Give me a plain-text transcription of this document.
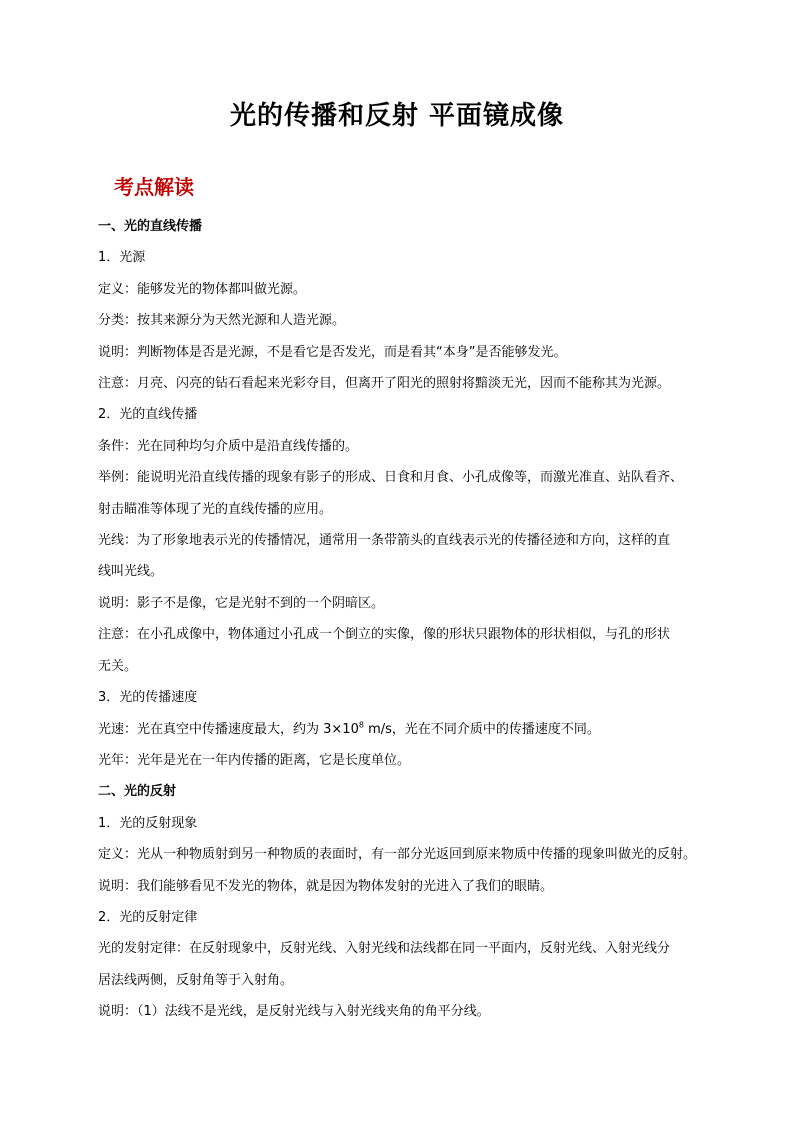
光的传播和反射 平面镜成像
考点解读
一、光的直线传播
1．光源
定义：能够发光的物体都叫做光源。
分类：按其来源分为天然光源和人造光源。
说明：判断物体是否是光源，不是看它是否发光，而是看其“本身”是否能够发光。
注意：月亮、闪亮的钻石看起来光彩夺目，但离开了阳光的照射将黯淡无光，因而不能称其为光源。
2．光的直线传播
条件：光在同种均匀介质中是沿直线传播的。
举例：能说明光沿直线传播的现象有影子的形成、日食和月食、小孔成像等，而激光准直、站队看齐、
射击瞄准等体现了光的直线传播的应用。
光线：为了形象地表示光的传播情况，通常用一条带箭头的直线表示光的传播径迹和方向，这样的直
线叫光线。
说明：影子不是像，它是光射不到的一个阴暗区。
注意：在小孔成像中，物体通过小孔成一个倒立的实像，像的形状只跟物体的形状相似，与孔的形状
无关。
3．光的传播速度
光速：光在真空中传播速度最大，约为 $3\times 10^8$ m/s，光在不同介质中的传播速度不同。
光年：光年是光在一年内传播的距离，它是长度单位。
二、光的反射
1．光的反射现象
定义：光从一种物质射到另一种物质的表面时，有一部分光返回到原来物质中传播的现象叫做光的反射。
说明：我们能够看见不发光的物体，就是因为物体发射的光进入了我们的眼睛。
2．光的反射定律
光的发射定律：在反射现象中，反射光线、入射光线和法线都在同一平面内，反射光线、入射光线分
居法线两侧，反射角等于入射角。
说明：（1）法线不是光线，是反射光线与入射光线夹角的角平分线。
